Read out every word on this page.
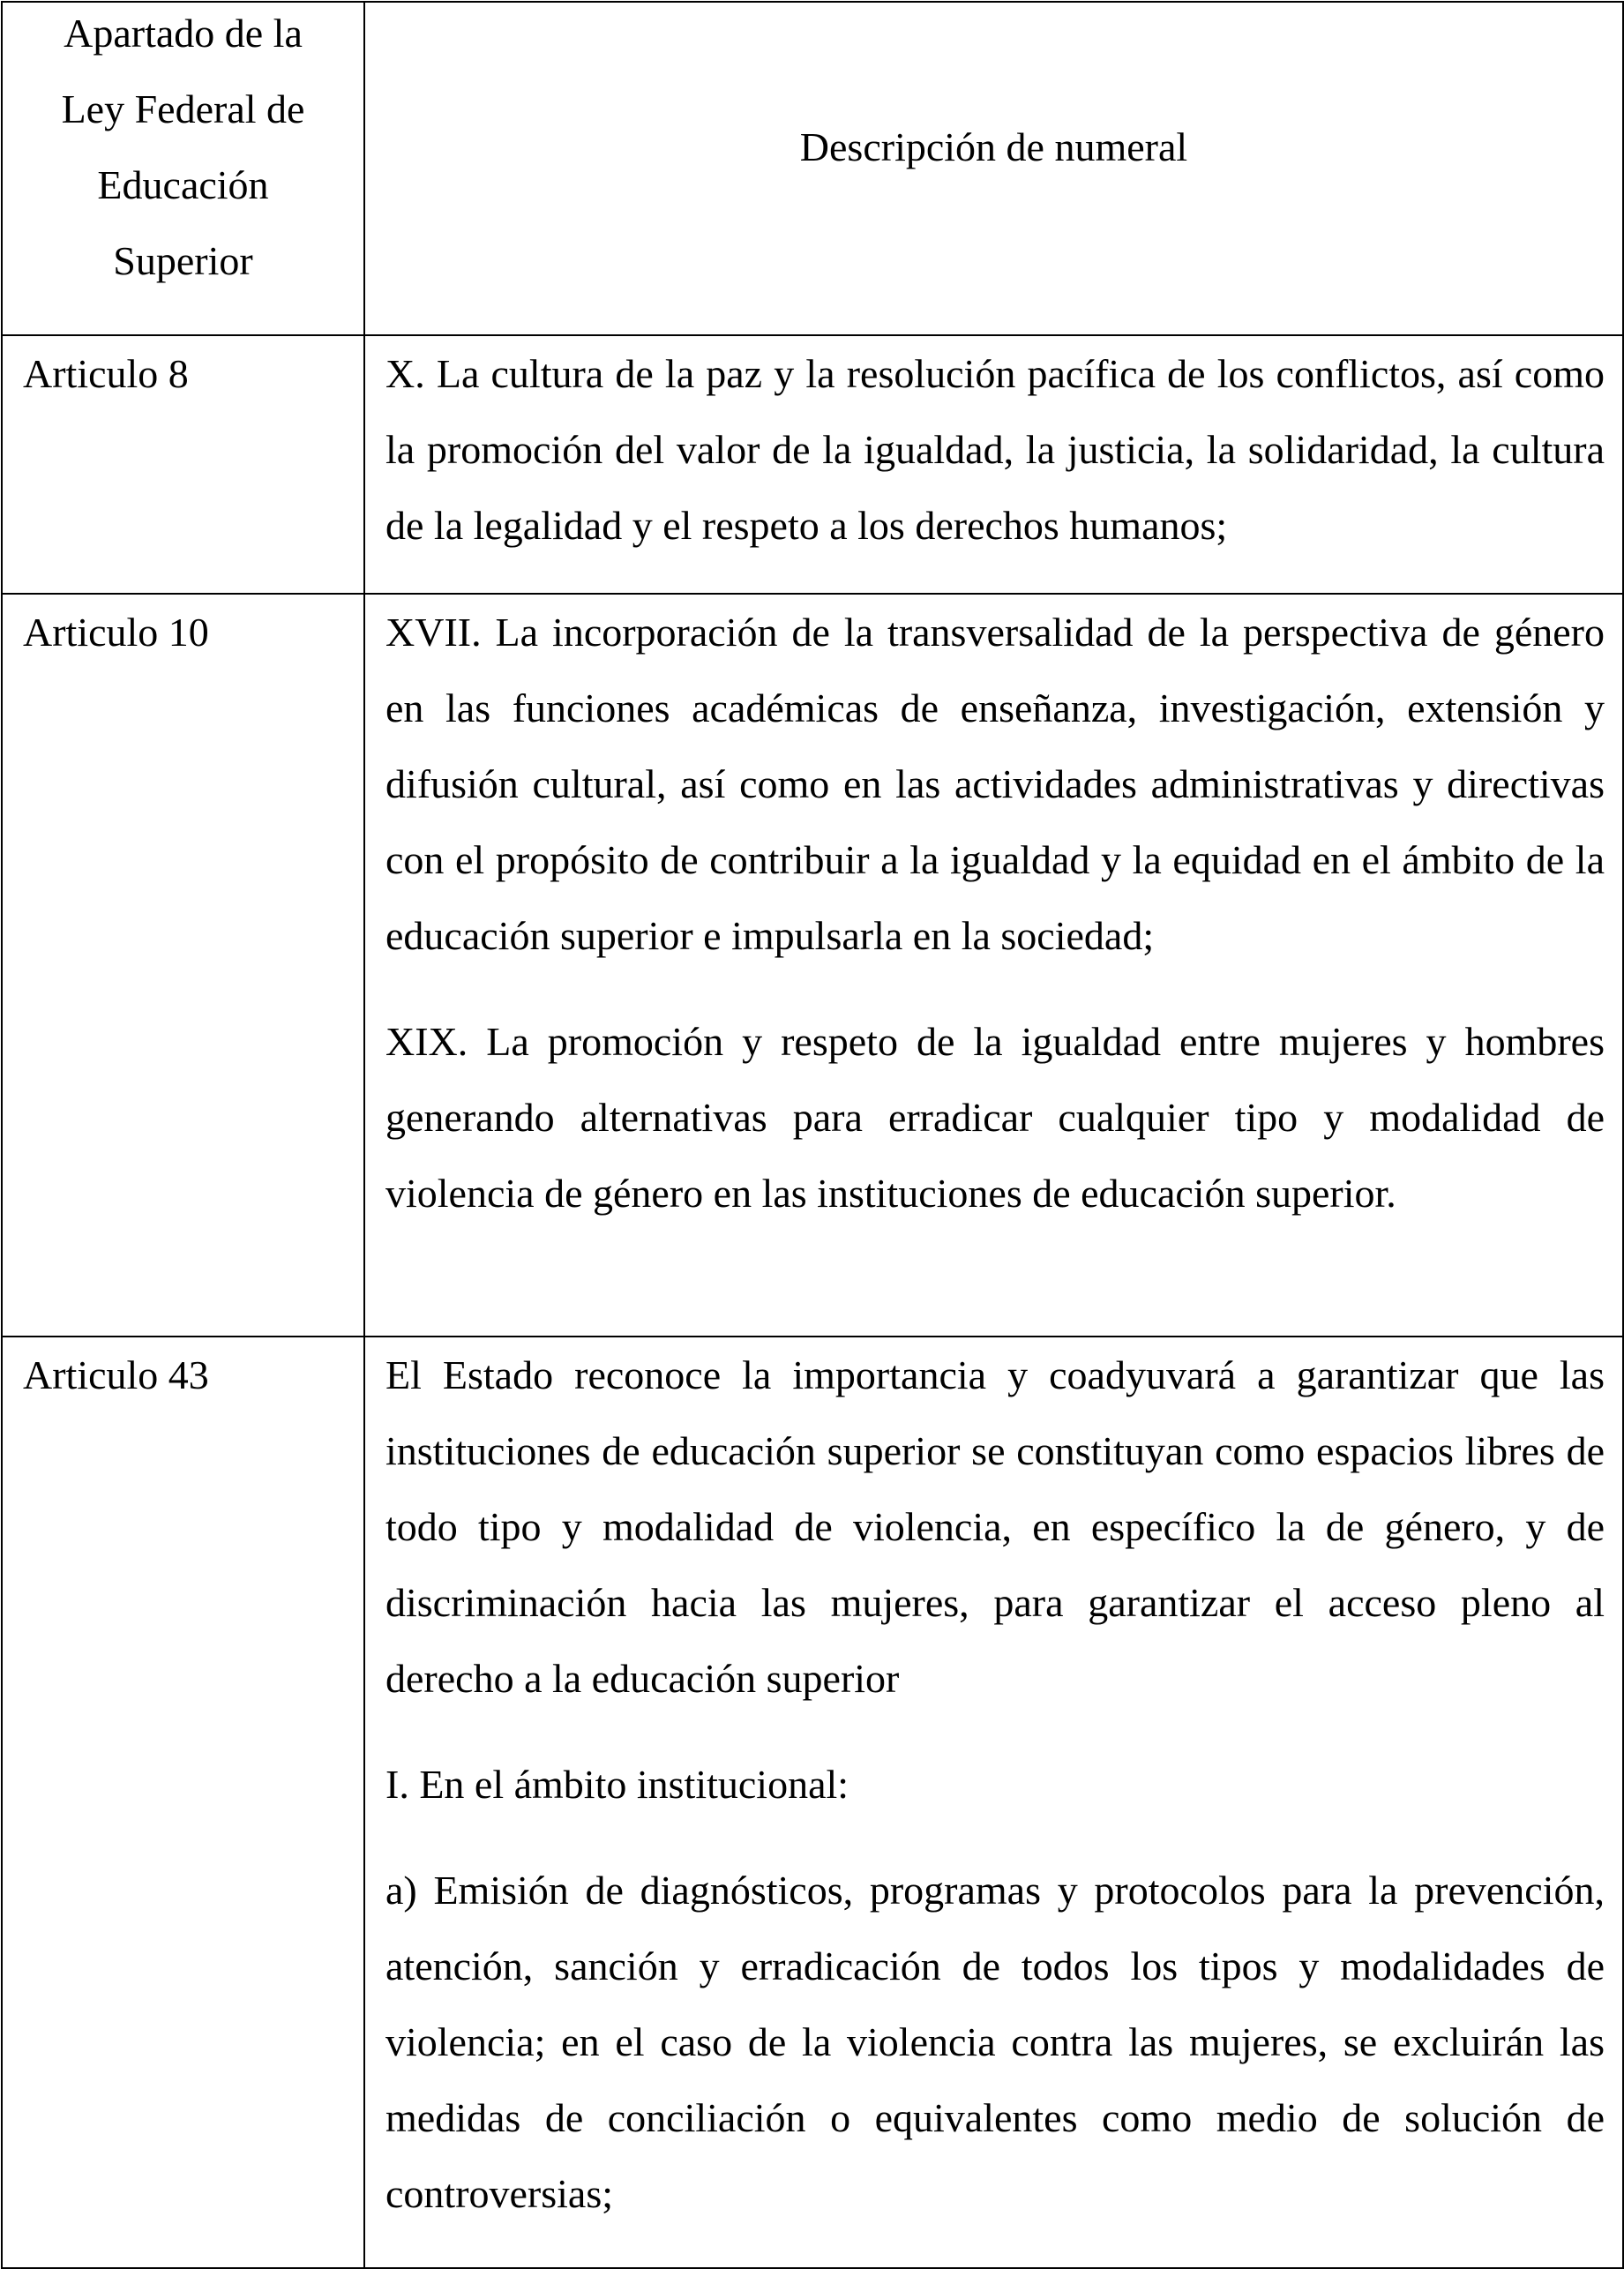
Apartado de la
Ley Federal de
Educación
Superior	Descripción de numeral

Articulo 8	X. La cultura de la paz y la resolución pacífica de los conflictos, así como la promoción del valor de la igualdad, la justicia, la solidaridad, la cultura de la legalidad y el respeto a los derechos humanos;

Articulo 10	XVII. La incorporación de la transversalidad de la perspectiva de género en las funciones académicas de enseñanza, investigación, extensión y difusión cultural, así como en las actividades administrativas y directivas con el propósito de contribuir a la igualdad y la equidad en el ámbito de la educación superior e impulsarla en la sociedad;

XIX. La promoción y respeto de la igualdad entre mujeres y hombres generando alternativas para erradicar cualquier tipo y modalidad de violencia de género en las instituciones de educación superior.

Articulo 43	El Estado reconoce la importancia y coadyuvará a garantizar que las instituciones de educación superior se constituyan como espacios libres de todo tipo y modalidad de violencia, en específico la de género, y de discriminación hacia las mujeres, para garantizar el acceso pleno al derecho a la educación superior

I. En el ámbito institucional:

a) Emisión de diagnósticos, programas y protocolos para la prevención, atención, sanción y erradicación de todos los tipos y modalidades de violencia; en el caso de la violencia contra las mujeres, se excluirán las medidas de conciliación o equivalentes como medio de solución de controversias;
